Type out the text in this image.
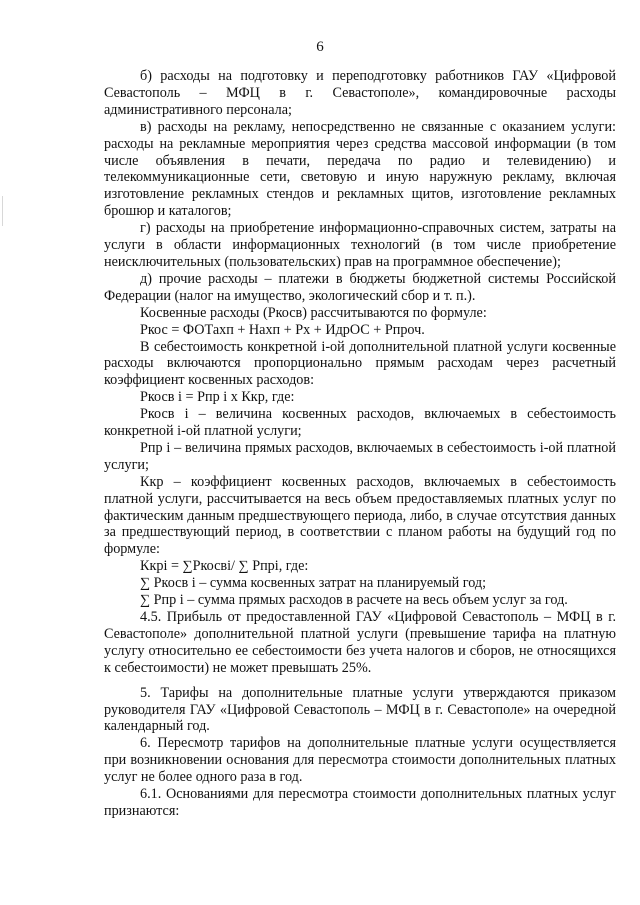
6

б) расходы на подготовку и переподготовку работников ГАУ «Цифровой Севастополь – МФЦ в г. Севастополе», командировочные расходы административного персонала;

в) расходы на рекламу, непосредственно не связанные с оказанием услуги: расходы на рекламные мероприятия через средства массовой информации (в том числе объявления в печати, передача по радио и телевидению) и телекоммуникационные сети, световую и иную наружную рекламу, включая изготовление рекламных стендов и рекламных щитов, изготовление рекламных брошюр и каталогов;

г) расходы на приобретение информационно-справочных систем, затраты на услуги в области информационных технологий (в том числе приобретение неисключительных (пользовательских) прав на программное обеспечение);

д) прочие расходы – платежи в бюджеты бюджетной системы Российской Федерации (налог на имущество, экологический сбор и т. п.).

Косвенные расходы (Ркосв) рассчитываются по формуле:

Ркос = ФОТахп + Нахп + Рх + ИдрОС + Рпроч.

В себестоимость конкретной i-ой дополнительной платной услуги косвенные расходы включаются пропорционально прямым расходам через расчетный коэффициент косвенных расходов:

Ркосв i = Рпр i х Ккр, где:

Ркосв i – величина косвенных расходов, включаемых в себестоимость конкретной i-ой платной услуги;

Рпр i – величина прямых расходов, включаемых в себестоимость i-ой платной услуги;

Ккр – коэффициент косвенных расходов, включаемых в себестоимость платной услуги, рассчитывается на весь объем предоставляемых платных услуг по фактическим данным предшествующего периода, либо, в случае отсутствия данных за предшествующий период, в соответствии с планом работы на будущий год по формуле:

Ккрi = ∑Ркосвi/ ∑ Рпрi, где:

∑ Ркосв i – сумма косвенных затрат на планируемый год;

∑ Рпр i – сумма прямых расходов в расчете на весь объем услуг за год.

4.5. Прибыль от предоставленной ГАУ «Цифровой Севастополь – МФЦ в г. Севастополе» дополнительной платной услуги (превышение тарифа на платную услугу относительно ее себестоимости без учета налогов и сборов, не относящихся к себестоимости) не может превышать 25%.

5. Тарифы на дополнительные платные услуги утверждаются приказом руководителя ГАУ «Цифровой Севастополь – МФЦ в г. Севастополе» на очередной календарный год.

6. Пересмотр тарифов на дополнительные платные услуги осуществляется при возникновении основания для пересмотра стоимости дополнительных платных услуг не более одного раза в год.

6.1. Основаниями для пересмотра стоимости дополнительных платных услуг признаются:
